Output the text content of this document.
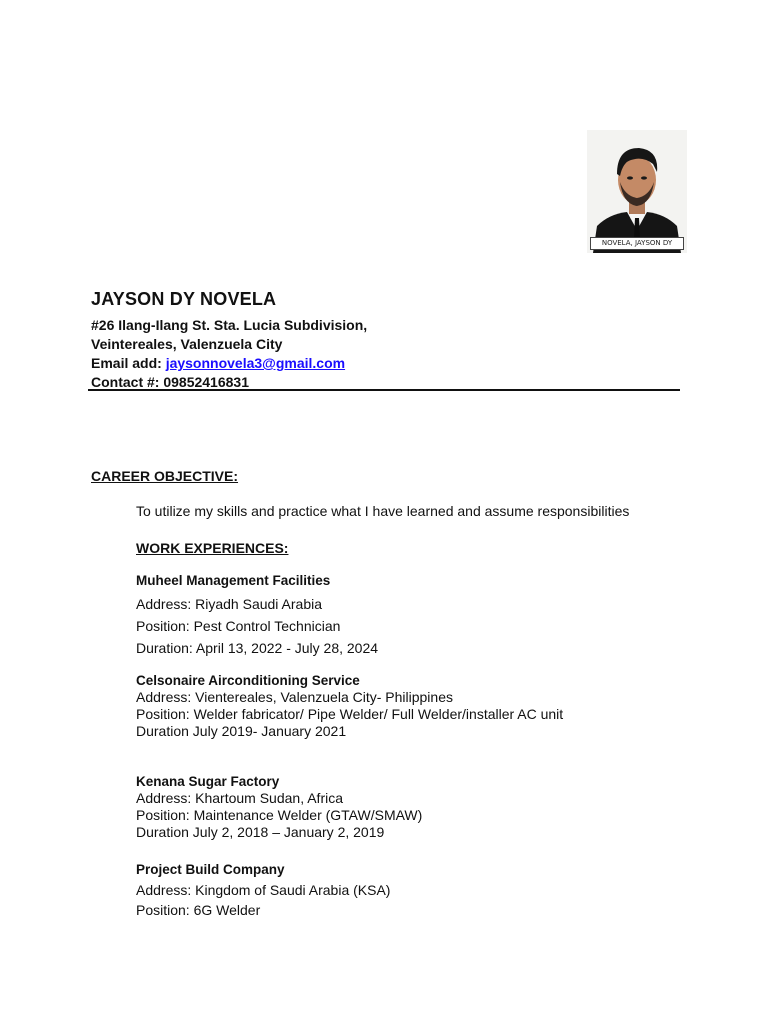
NOVELA, JAYSON DY
JAYSON DY NOVELA
#26 Ilang-Ilang St. Sta. Lucia Subdivision,
Veintereales, Valenzuela City
Email add: jaysonnovela3@gmail.com
Contact #: 09852416831
CAREER OBJECTIVE:
To utilize my skills and practice what I have learned and assume responsibilities
WORK EXPERIENCES:
Muheel Management Facilities
Address: Riyadh Saudi Arabia
Position: Pest Control Technician
Duration: April 13, 2022 - July 28, 2024
Celsonaire Airconditioning Service
Address: Vientereales, Valenzuela City- Philippines
Position: Welder fabricator/ Pipe Welder/ Full Welder/installer AC unit
Duration July 2019- January 2021
Kenana Sugar Factory
Address: Khartoum Sudan, Africa
Position: Maintenance Welder (GTAW/SMAW)
Duration July 2, 2018 – January 2, 2019
Project Build Company
Address: Kingdom of Saudi Arabia (KSA)
Position: 6G Welder
